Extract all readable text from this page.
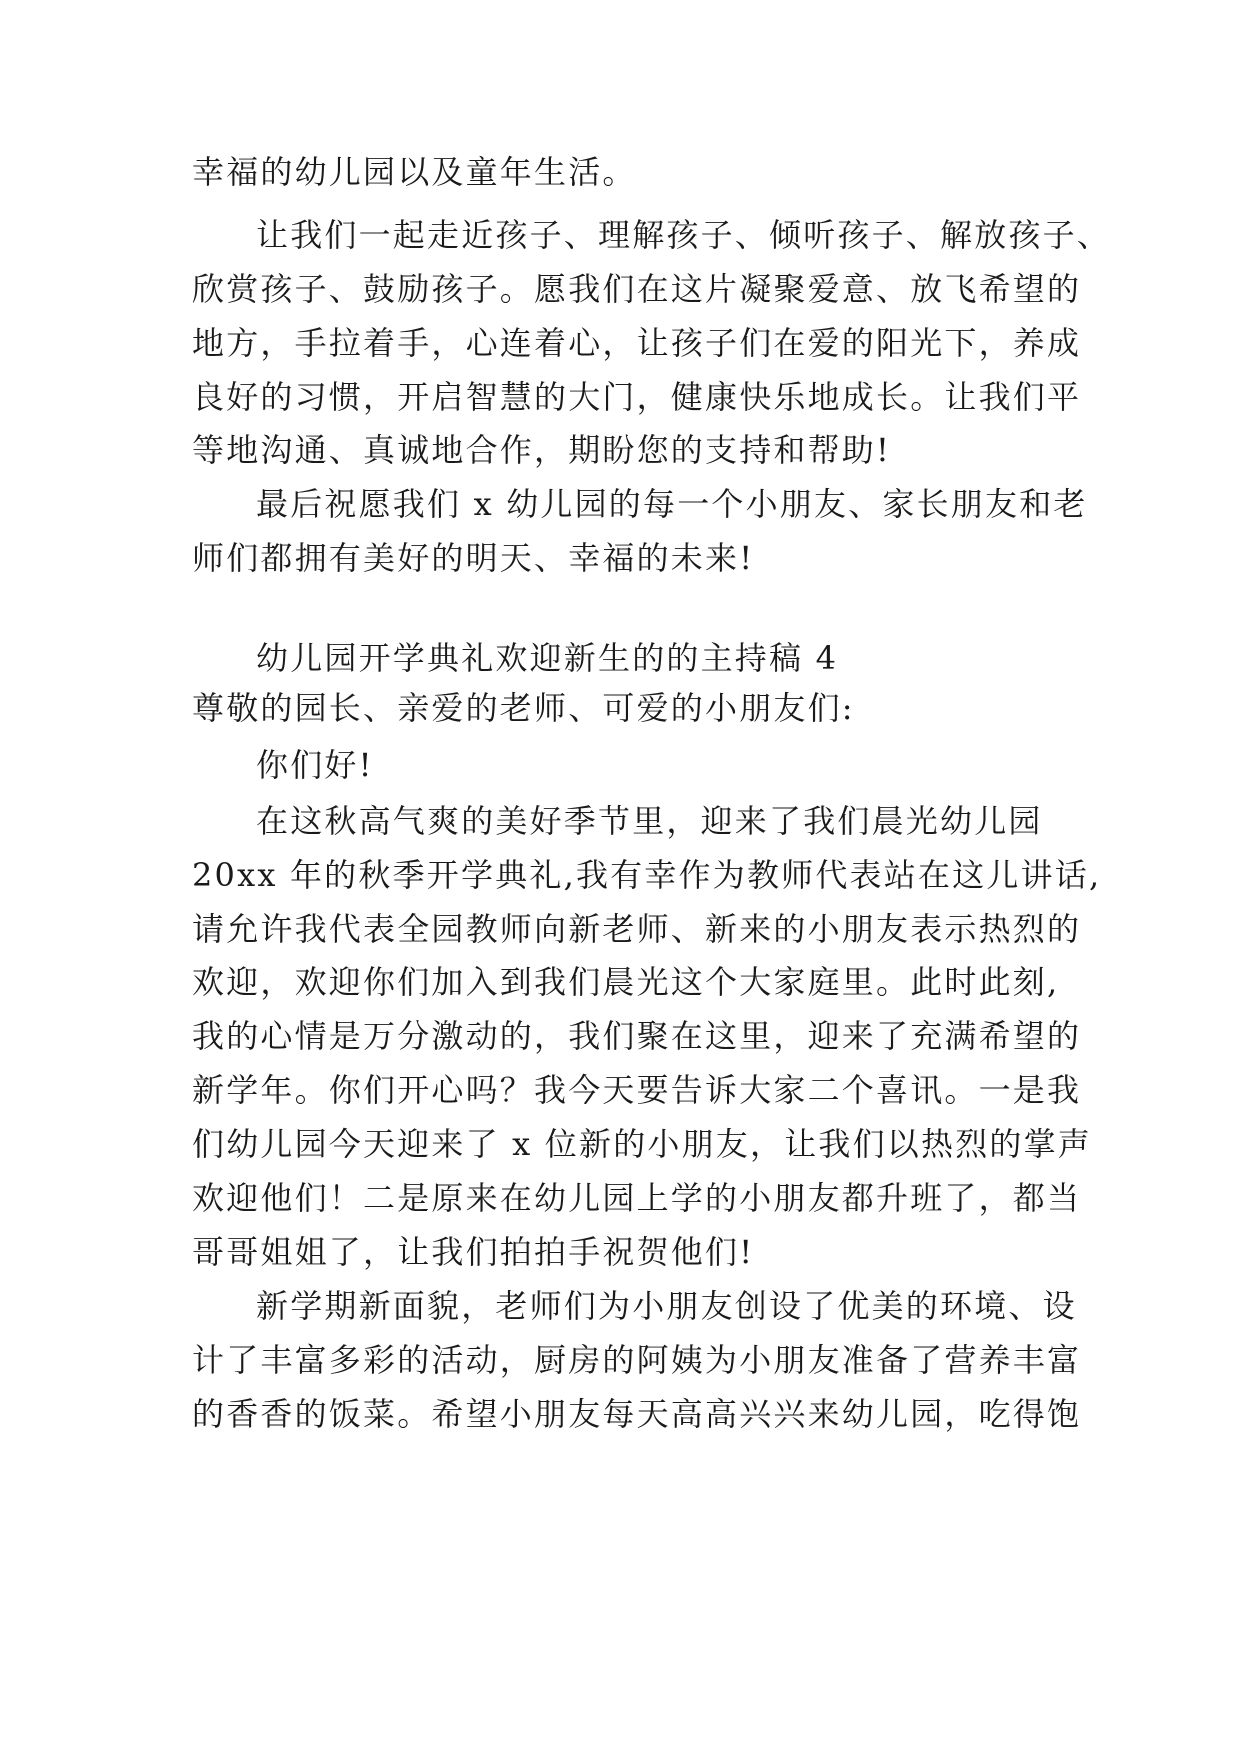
幸福的幼儿园以及童年生活。
让我们一起走近孩子、理解孩子、倾听孩子、解放孩子、
欣赏孩子、鼓励孩子。愿我们在这片凝聚爱意、放飞希望的
地方，手拉着手，心连着心，让孩子们在爱的阳光下，养成
良好的习惯，开启智慧的大门，健康快乐地成长。让我们平
等地沟通、真诚地合作，期盼您的支持和帮助!
最后祝愿我们 x 幼儿园的每一个小朋友、家长朋友和老
师们都拥有美好的明天、幸福的未来!
幼儿园开学典礼欢迎新生的的主持稿 4
尊敬的园长、亲爱的老师、可爱的小朋友们:
你们好!
在这秋高气爽的美好季节里，迎来了我们晨光幼儿园
20xx 年的秋季开学典礼,我有幸作为教师代表站在这儿讲话,
请允许我代表全园教师向新老师、新来的小朋友表示热烈的
欢迎，欢迎你们加入到我们晨光这个大家庭里。此时此刻,
我的心情是万分激动的，我们聚在这里，迎来了充满希望的
新学年。你们开心吗？我今天要告诉大家二个喜讯。一是我
们幼儿园今天迎来了 x 位新的小朋友，让我们以热烈的掌声
欢迎他们！二是原来在幼儿园上学的小朋友都升班了，都当
哥哥姐姐了，让我们拍拍手祝贺他们!
新学期新面貌，老师们为小朋友创设了优美的环境、设
计了丰富多彩的活动，厨房的阿姨为小朋友准备了营养丰富
的香香的饭菜。希望小朋友每天高高兴兴来幼儿园，吃得饱
